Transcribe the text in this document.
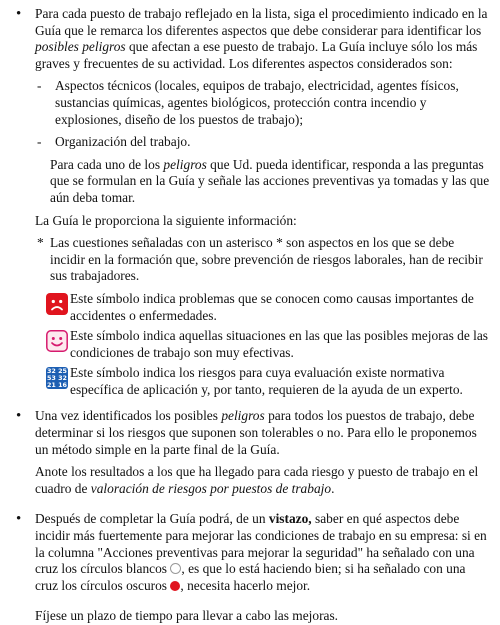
• Para cada puesto de trabajo reflejado en la lista, siga el procedimiento indicado en la Guía que le remarca los diferentes aspectos que debe considerar para identificar los posibles peligros que afectan a ese puesto de trabajo. La Guía incluye sólo los más graves y frecuentes de su actividad. Los diferentes aspectos considerados son:
- Aspectos técnicos (locales, equipos de trabajo, electricidad, agentes físicos, sustancias químicas, agentes biológicos, protección contra incendio y explosiones, diseño de los puestos de trabajo);
- Organización del trabajo.
Para cada uno de los peligros que Ud. pueda identificar, responda a las preguntas que se formulan en la Guía y señale las acciones preventivas ya tomadas y las que aún deba tomar.
La Guía le proporciona la siguiente información:
* Las cuestiones señaladas con un asterisco * son aspectos en los que se debe incidir en la formación que, sobre prevención de riesgos laborales, han de recibir sus trabajadores.
Este símbolo indica problemas que se conocen como causas importantes de accidentes o enfermedades.
Este símbolo indica aquellas situaciones en las que las posibles mejoras de las condiciones de trabajo son muy efectivas.
32 25 53 32 21 16
Este símbolo indica los riesgos para cuya evaluación existe normativa específica de aplicación y, por tanto, requieren de la ayuda de un experto.
• Una vez identificados los posibles peligros para todos los puestos de trabajo, debe determinar si los riesgos que suponen son tolerables o no. Para ello le proponemos un método simple en la parte final de la Guía.
Anote los resultados a los que ha llegado para cada riesgo y puesto de trabajo en el cuadro de valoración de riesgos por puestos de trabajo.
• Después de completar la Guía podrá, de un vistazo, saber en qué aspectos debe incidir más fuertemente para mejorar las condiciones de trabajo en su empresa: si en la columna "Acciones preventivas para mejorar la seguridad" ha señalado con una cruz los círculos blancos , es que lo está haciendo bien; si ha señalado con una cruz los círculos oscuros , necesita hacerlo mejor.
Fíjese un plazo de tiempo para llevar a cabo las mejoras.
